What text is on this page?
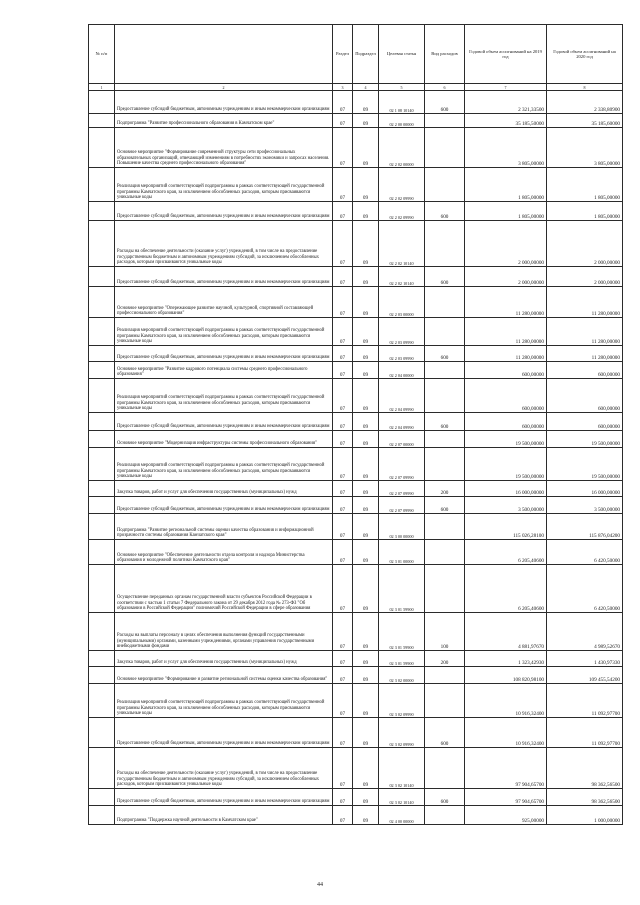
№ п/п		Раздел	Подраздел	Целевая статья	Вид расходов	Годовой объем ассигнований на 2019 год	Годовой объем ассигнований на 2020 год
1	2	3	4	5	6	7	8
	Предоставление субсидий бюджетным, автономным учреждениям и иным некоммерческим организациям	07	09	02 1 08 10140	600	2 321,33500	2 338,80900
	Подпрограмма "Развитие профессионального образования в Камчатском крае"	07	09	02 2 00 00000		35 185,50000	35 185,60000
	Основное мероприятие "Формирование современной структуры сети профессиональных образовательных организаций, отвечающей изменениям в потребностях экономики и запросах населения. Повышение качества среднего профессионального образования"	07	09	02 2 02 00000		3 805,00000	3 805,00000
	Реализация мероприятий соответствующей подпрограммы в рамках соответствующей государственной программы Камчатского края, за исключением обособленных расходов, которым присваиваются уникальные коды	07	09	02 2 02 09990		1 805,00000	1 805,00000
	Предоставление субсидий бюджетным, автономным учреждениям и иным некоммерческим организациям	07	09	02 2 02 09990	600	1 805,00000	1 805,00000
	Расходы на обеспечение деятельности (оказание услуг) учреждений, в том числе на предоставление государственным бюджетным и автономным учреждениям субсидий, за исключением обособленных расходов, которым присваиваются уникальные коды	07	09	02 2 02 10140		2 000,00000	2 000,00000
	Предоставление субсидий бюджетным, автономным учреждениям и иным некоммерческим организациям	07	09	02 2 02 10140	600	2 000,00000	2 000,00000
	Основное мероприятие "Опережающее развитие научной, культурной, спортивной составляющей профессионального образования"	07	09	02 2 03 00000		11 280,00000	11 280,00000
	Реализация мероприятий соответствующей подпрограммы в рамках соответствующей государственной программы Камчатского края, за исключением обособленных расходов, которым присваиваются уникальные коды	07	09	02 2 03 09990		11 280,00000	11 280,00000
	Предоставление субсидий бюджетным, автономным учреждениям и иным некоммерческим организациям	07	09	02 2 03 09990	600	11 280,00000	11 280,00000
	Основное мероприятие "Развитие кадрового потенциала системы среднего профессионального образования"	07	09	02 2 04 00000		600,00000	600,00000
	Реализация мероприятий соответствующей подпрограммы в рамках соответствующей государственной программы Камчатского края, за исключением обособленных расходов, которым присваиваются уникальные коды	07	09	02 2 04 09990		600,00000	600,00000
	Предоставление субсидий бюджетным, автономным учреждениям и иным некоммерческим организациям	07	09	02 2 04 09990	600	600,00000	600,00000
	Основное мероприятие "Модернизация инфраструктуры системы профессионального образования"	07	09	02 2 07 00000		19 500,00000	19 500,00000
	Реализация мероприятий соответствующей подпрограммы в рамках соответствующей государственной программы Камчатского края, за исключением обособленных расходов, которым присваиваются уникальные коды	07	09	02 2 07 09990		19 500,00000	19 500,00000
	Закупка товаров, работ и услуг для обеспечения государственных (муниципальных) нужд	07	09	02 2 07 09990	200	16 000,00000	16 000,00000
	Предоставление субсидий бюджетным, автономным учреждениям и иным некоммерческим организациям	07	09	02 2 07 09990	600	3 500,00000	3 500,00000
	Подпрограмма "Развитие региональной системы оценки качества образования и информационной прозрачности системы образования Камчатского края"	07	09	02 3 00 00000		115 026,28100	115 876,04200
	Основное мероприятие "Обеспечение деятельности отдела контроля и надзора Министерства образования и молодежной политики Камчатского края"	07	09	02 3 01 00000		6 205,40600	6 420,50000
	Осуществление переданных органам государственной власти субъектов Российской Федерации в соответствии с частью 1 статьи 7 Федерального закона от 29 декабря 2012 года № 273-ФЗ "Об образовании в Российской Федерации" полномочий Российской Федерации в сфере образования	07	09	02 3 01 59900		6 205,40600	6 420,50000
	Расходы на выплаты персоналу в целях обеспечения выполнения функций государственными (муниципальными) органами, казенными учреждениями, органами управления государственными внебюджетными фондами	07	09	02 3 01 59900	100	4 881,97670	4 989,52670
	Закупка товаров, работ и услуг для обеспечения государственных (муниципальных) нужд	07	09	02 3 01 59900	200	1 323,42930	1 430,97330
	Основное мероприятие "Формирование и развитие региональной системы оценки качества образования"	07	09	02 3 02 00000		108 820,98100	109 455,54200
	Реализация мероприятий соответствующей подпрограммы в рамках соответствующей государственной программы Камчатского края, за исключением обособленных расходов, которым присваиваются уникальные коды	07	09	02 3 02 09990		10 916,32400	11 092,97700
	Предоставление субсидий бюджетным, автономным учреждениям и иным некоммерческим организациям	07	09	02 3 02 09990	600	10 916,32400	11 092,97700
	Расходы на обеспечение деятельности (оказание услуг) учреждений, в том числе на предоставление государственным бюджетным и автономным учреждениям субсидий, за исключением обособленных расходов, которым присваиваются уникальные коды	07	09	02 3 02 10140		97 904,65700	98 362,56500
	Предоставление субсидий бюджетным, автономным учреждениям и иным некоммерческим организациям	07	09	02 3 02 10140	600	97 904,65700	98 362,56500
	Подпрограмма "Поддержка научной деятельности в Камчатском крае"	07	09	02 4 00 00000		925,00000	1 000,00000
44
